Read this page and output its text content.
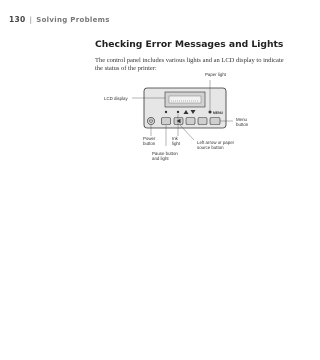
130 | Solving Problems
Checking Error Messages and Lights
The control panel includes various lights and an LCD display to indicate the status of the printer:
MENU
Paper light
LCD display
Menu
button
Power
button
Ink
light
Pause button
and light
Left arrow or paper
source button
